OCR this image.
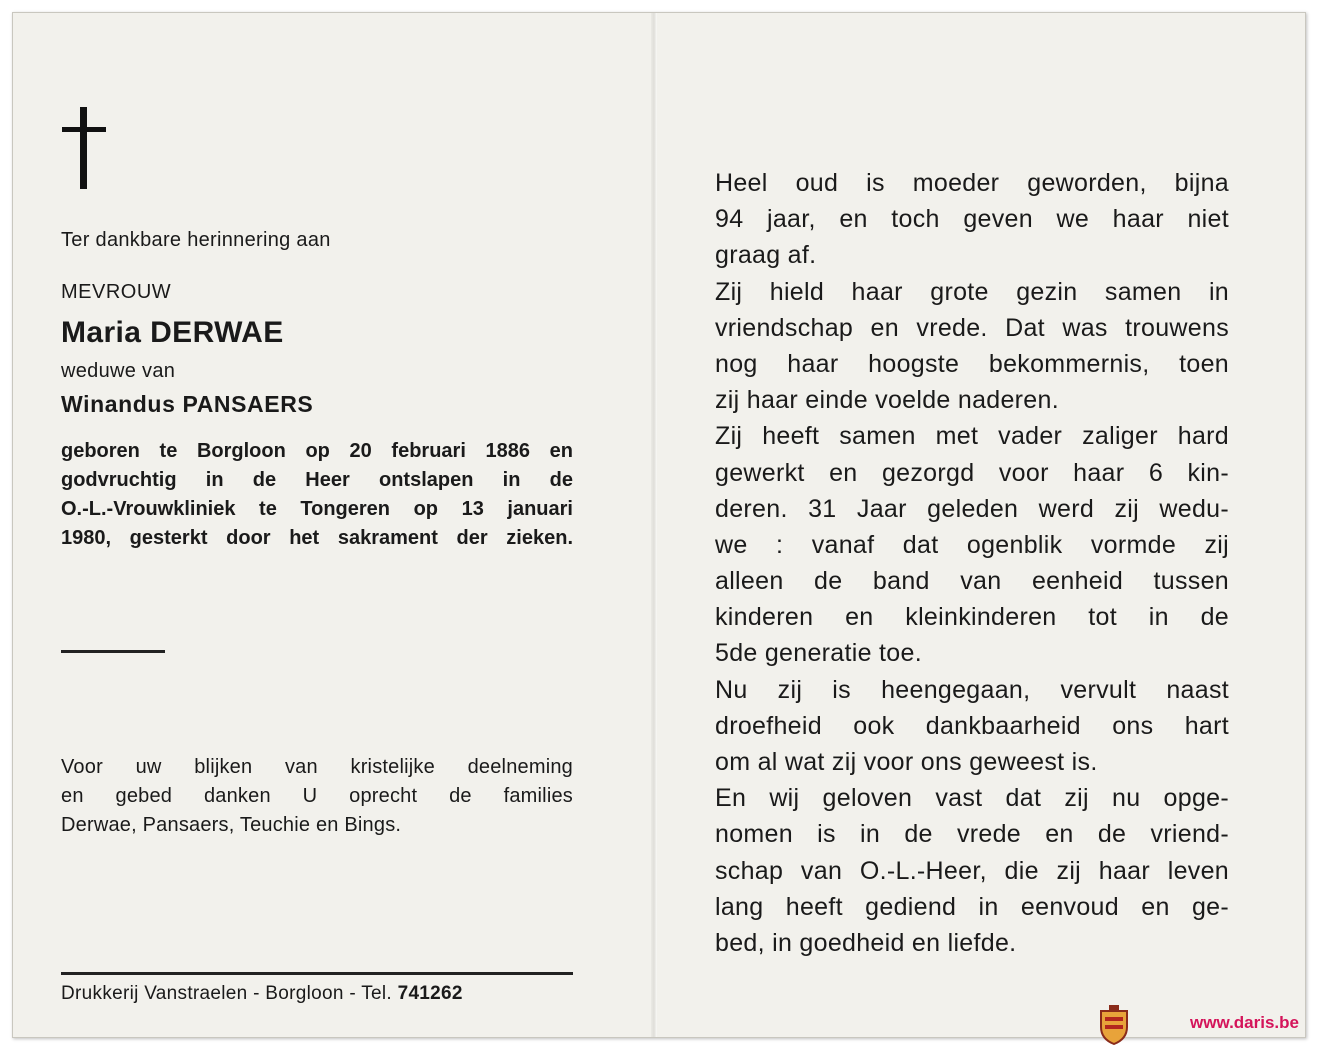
Ter dankbare herinnering aan
MEVROUW
Maria DERWAE
weduwe van
Winandus PANSAERS
geboren te Borgloon op 20 februari 1886 en
godvruchtig in de Heer ontslapen in de
O.-L.-Vrouwkliniek te Tongeren op 13 januari
1980, gesterkt door het sakrament der zieken.
Voor uw blijken van kristelijke deelneming
en gebed danken U oprecht de families
Derwae, Pansaers, Teuchie en Bings.
Drukkerij Vanstraelen - Borgloon - Tel. 741262
Heel oud is moeder geworden, bijna
94 jaar, en toch geven we haar niet
graag af.
Zij hield haar grote gezin samen in
vriendschap en vrede. Dat was trouwens
nog haar hoogste bekommernis, toen
zij haar einde voelde naderen.
Zij heeft samen met vader zaliger hard
gewerkt en gezorgd voor haar 6 kin-
deren. 31 Jaar geleden werd zij wedu-
we : vanaf dat ogenblik vormde zij
alleen de band van eenheid tussen
kinderen en kleinkinderen tot in de
5de generatie toe.
Nu zij is heengegaan, vervult naast
droefheid ook dankbaarheid ons hart
om al wat zij voor ons geweest is.
En wij geloven vast dat zij nu opge-
nomen is in de vrede en de vriend-
schap van O.-L.-Heer, die zij haar leven
lang heeft gediend in eenvoud en ge-
bed, in goedheid en liefde.
www.daris.be
